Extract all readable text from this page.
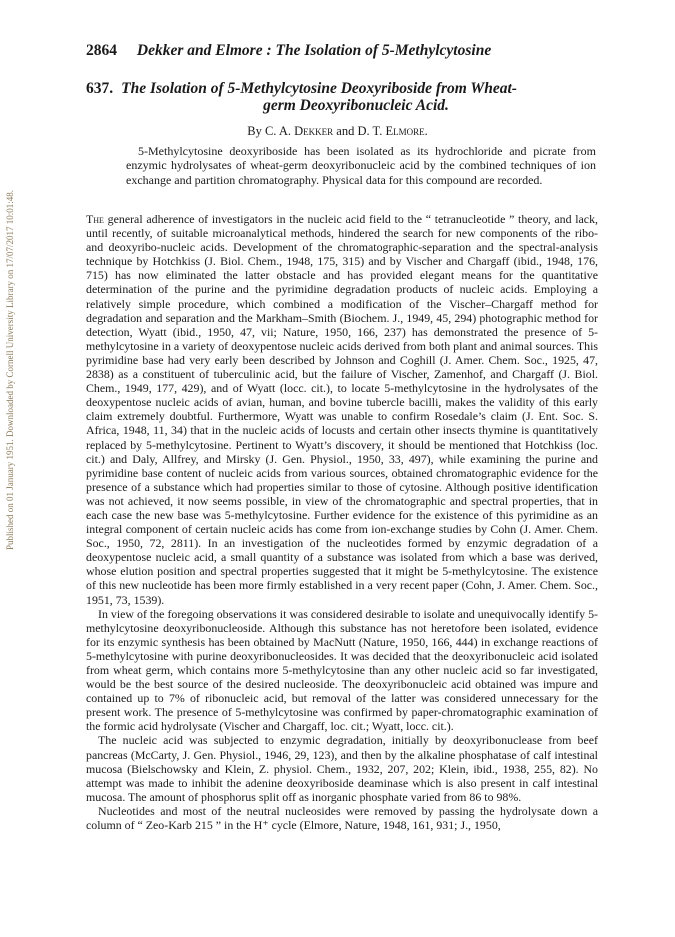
Published on 01 January 1951. Downloaded by Cornell University Library on 17/07/2017 10:01:48.
2864 Dekker and Elmore : The Isolation of 5-Methylcytosine
637. The Isolation of 5-Methylcytosine Deoxyriboside from Wheat-
germ Deoxyribonucleic Acid.
By C. A. Dekker and D. T. Elmore.

5-Methylcytosine deoxyriboside has been isolated as its hydrochloride and picrate from enzymic hydrolysates of wheat-germ deoxyribonucleic acid by the combined techniques of ion exchange and partition chromatography. Physical data for this compound are recorded.

The general adherence of investigators in the nucleic acid field to the “ tetranucleotide ” theory, and lack, until recently, of suitable microanalytical methods, hindered the search for new components of the ribo- and deoxyribo-nucleic acids. Development of the chromatographic-separation and the spectral-analysis technique by Hotchkiss (J. Biol. Chem., 1948, 175, 315) and by Vischer and Chargaff (ibid., 1948, 176, 715) has now eliminated the latter obstacle and has provided elegant means for the quantitative determination of the purine and the pyrimidine degradation products of nucleic acids. Employing a relatively simple procedure, which combined a modification of the Vischer–Chargaff method for degradation and separation and the Markham–Smith (Biochem. J., 1949, 45, 294) photographic method for detection, Wyatt (ibid., 1950, 47, vii; Nature, 1950, 166, 237) has demonstrated the presence of 5-methylcytosine in a variety of deoxypentose nucleic acids derived from both plant and animal sources. This pyrimidine base had very early been described by Johnson and Coghill (J. Amer. Chem. Soc., 1925, 47, 2838) as a constituent of tuberculinic acid, but the failure of Vischer, Zamenhof, and Chargaff (J. Biol. Chem., 1949, 177, 429), and of Wyatt (locc. cit.), to locate 5-methylcytosine in the hydrolysates of the deoxypentose nucleic acids of avian, human, and bovine tubercle bacilli, makes the validity of this early claim extremely doubtful. Furthermore, Wyatt was unable to confirm Rosedale’s claim (J. Ent. Soc. S. Africa, 1948, 11, 34) that in the nucleic acids of locusts and certain other insects thymine is quantitatively replaced by 5-methylcytosine. Pertinent to Wyatt’s discovery, it should be mentioned that Hotchkiss (loc. cit.) and Daly, Allfrey, and Mirsky (J. Gen. Physiol., 1950, 33, 497), while examining the purine and pyrimidine base content of nucleic acids from various sources, obtained chromatographic evidence for the presence of a substance which had properties similar to those of cytosine. Although positive identification was not achieved, it now seems possible, in view of the chromatographic and spectral properties, that in each case the new base was 5-methylcytosine. Further evidence for the existence of this pyrimidine as an integral component of certain nucleic acids has come from ion-exchange studies by Cohn (J. Amer. Chem. Soc., 1950, 72, 2811). In an investigation of the nucleotides formed by enzymic degradation of a deoxypentose nucleic acid, a small quantity of a substance was isolated from which a base was derived, whose elution position and spectral properties suggested that it might be 5-methylcytosine. The existence of this new nucleotide has been more firmly established in a very recent paper (Cohn, J. Amer. Chem. Soc., 1951, 73, 1539).

In view of the foregoing observations it was considered desirable to isolate and unequivocally identify 5-methylcytosine deoxyribonucleoside. Although this substance has not heretofore been isolated, evidence for its enzymic synthesis has been obtained by MacNutt (Nature, 1950, 166, 444) in exchange reactions of 5-methylcytosine with purine deoxyribonucleosides. It was decided that the deoxyribonucleic acid isolated from wheat germ, which contains more 5-methylcytosine than any other nucleic acid so far investigated, would be the best source of the desired nucleoside. The deoxyribonucleic acid obtained was impure and contained up to 7% of ribonucleic acid, but removal of the latter was considered unnecessary for the present work. The presence of 5-methylcytosine was confirmed by paper-chromatographic examination of the formic acid hydrolysate (Vischer and Chargaff, loc. cit.; Wyatt, locc. cit.).

The nucleic acid was subjected to enzymic degradation, initially by deoxyribonuclease from beef pancreas (McCarty, J. Gen. Physiol., 1946, 29, 123), and then by the alkaline phosphatase of calf intestinal mucosa (Bielschowsky and Klein, Z. physiol. Chem., 1932, 207, 202; Klein, ibid., 1938, 255, 82). No attempt was made to inhibit the adenine deoxyriboside deaminase which is also present in calf intestinal mucosa. The amount of phosphorus split off as inorganic phosphate varied from 86 to 98%.

Nucleotides and most of the neutral nucleosides were removed by passing the hydrolysate down a column of “ Zeo-Karb 215 ” in the H⁺ cycle (Elmore, Nature, 1948, 161, 931; J., 1950,
